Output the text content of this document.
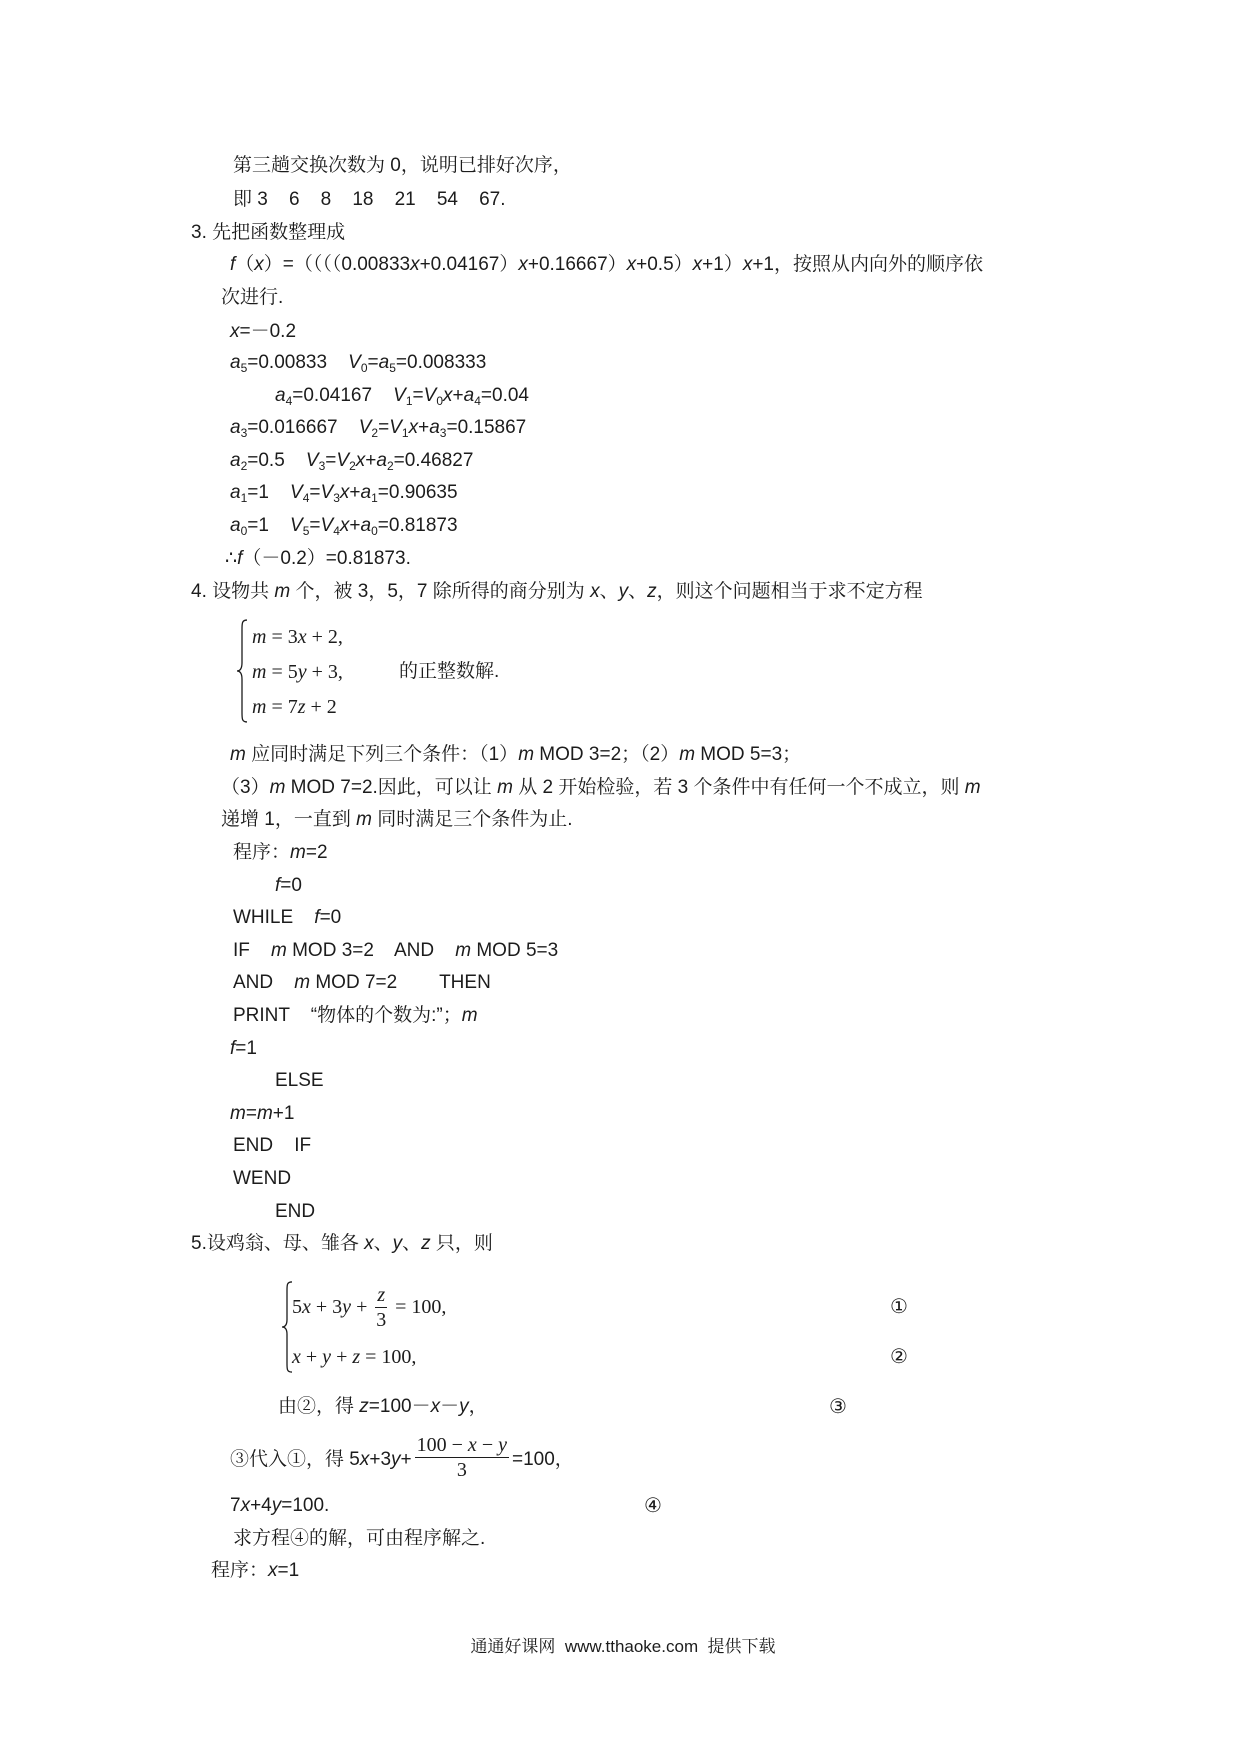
第三趟交换次数为 0，说明已排好次序，
即 3    6    8    18    21    54    67.
3. 先把函数整理成
f（x）=（（（（0.00833x+0.04167）x+0.16667）x+0.5）x+1）x+1，按照从内向外的顺序依
次进行.
x=－0.2
$a_5=0.00833$    $V_0=a_5=0.008333$
$a_4=0.04167$    $V_1=V_0x+a_4=0.04$
$a_3=0.016667$    $V_2=V_1x+a_3=0.15867$
$a_2=0.5$    $V_3=V_2x+a_2=0.46827$
$a_1=1$    $V_4=V_3x+a_1=0.90635$
$a_0=1$    $V_5=V_4x+a_0=0.81873$
∴f（－0.2）=0.81873.
4. 设物共 m 个，被 3，5，7 除所得的商分别为 x、y、z，则这个问题相当于求不定方程
m = 3x + 2,
m = 5y + 3,
m = 7z + 2
的正整数解.
m 应同时满足下列三个条件：（1）m MOD 3=2；（2）m MOD 5=3；
（3）m MOD 7=2.因此，可以让 m 从 2 开始检验，若 3 个条件中有任何一个不成立，则 m
递增 1，一直到 m 同时满足三个条件为止.
程序：m=2
f=0
WHILE    f=0
IF    m MOD 3=2    AND    m MOD 5=3
AND    m MOD 7=2        THEN
PRINT    “物体的个数为:”；m
f=1
ELSE
m=m+1
END    IF
WEND
END
5.设鸡翁、母、雏各 x、y、z 只，则
$5x + 3y + \frac{z}{3} = 100$,	①
x + y + z = 100,	②
由②，得 z=100－x－y，	③
③代入①，得 $5x+3y+ \frac{100 - x - y}{3} =100$，
7x+4y=100.	④
求方程④的解，可由程序解之.
程序：x=1
通通好课网  www.tthaoke.com  提供下载
